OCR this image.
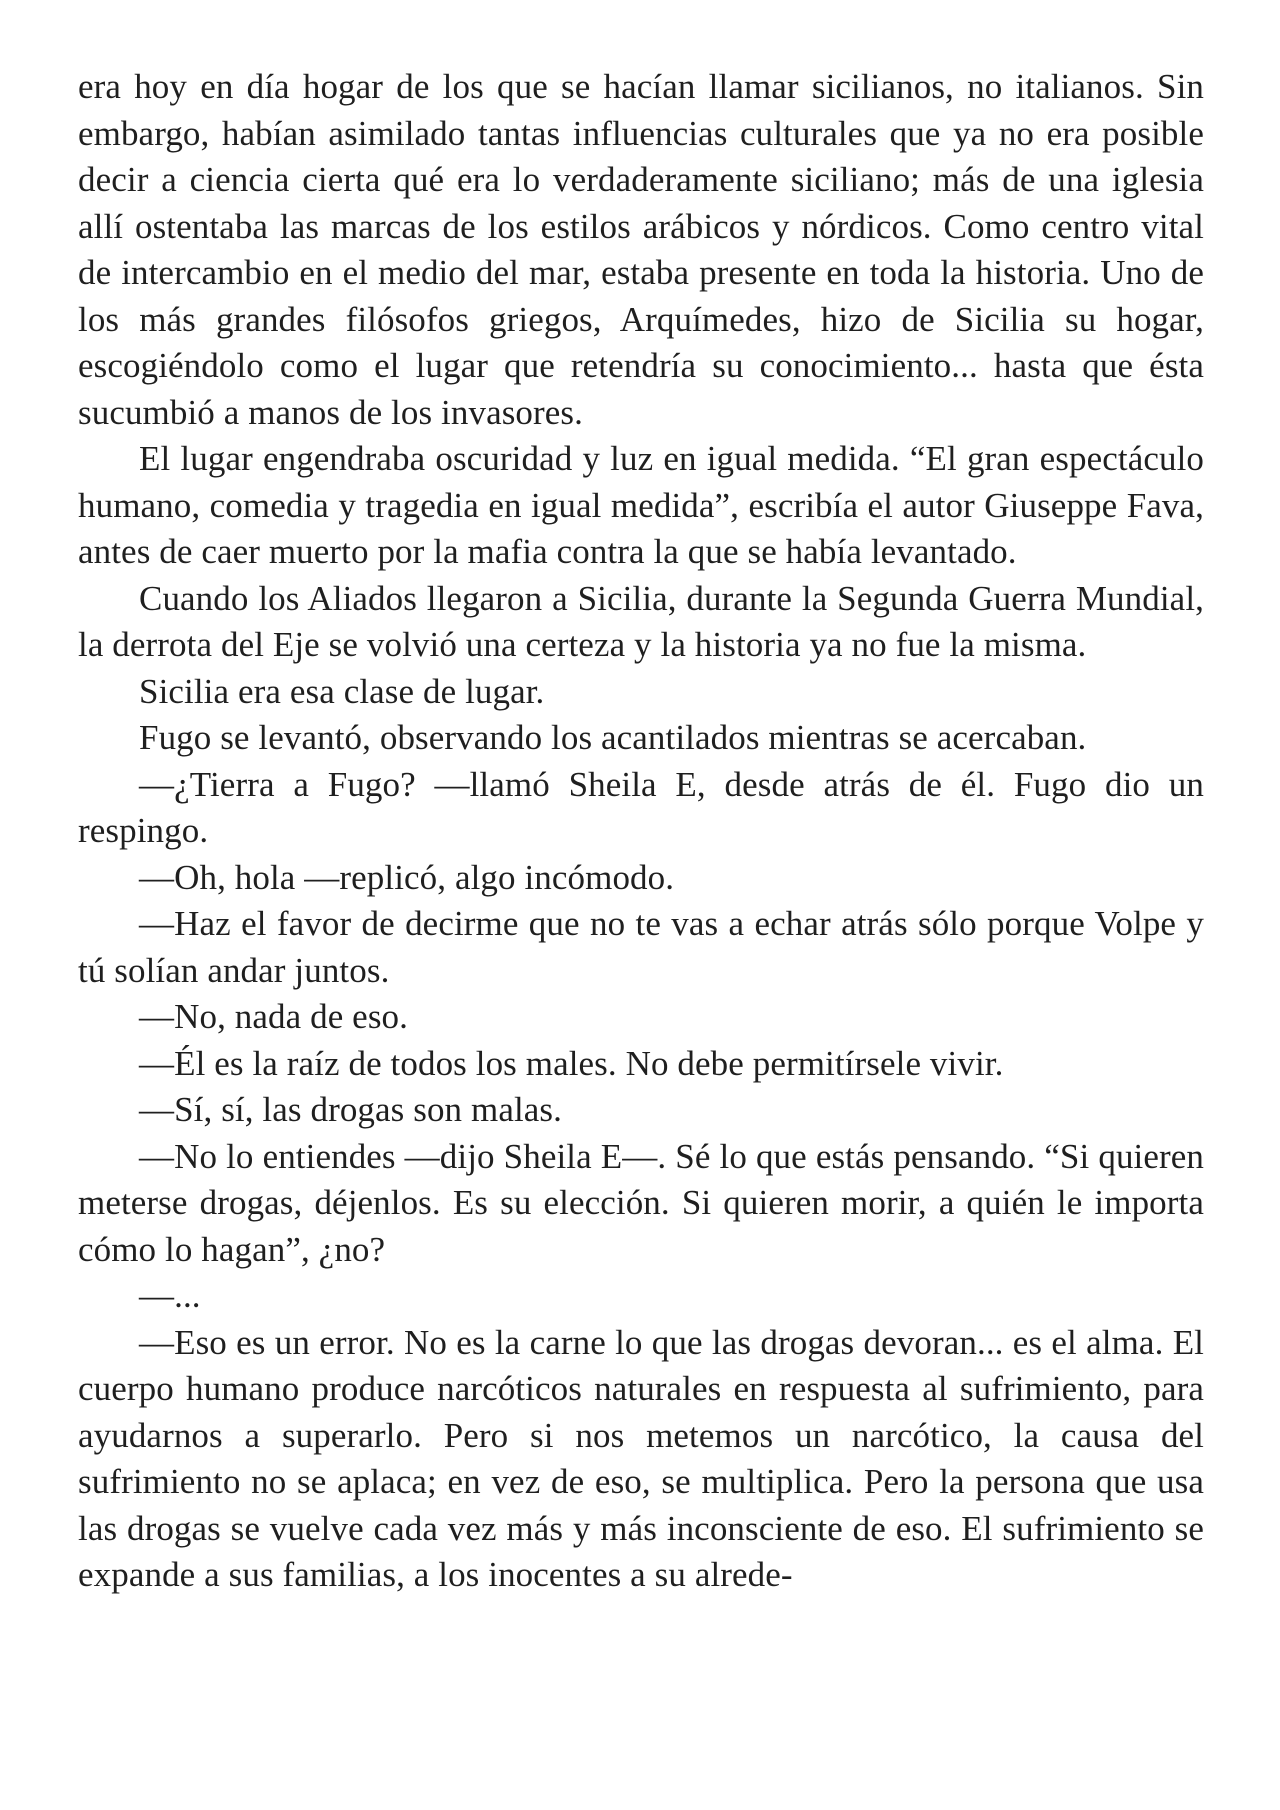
era hoy en día hogar de los que se hacían llamar sicilianos, no italianos. Sin embargo, habían asimilado tantas influencias culturales que ya no era posible decir a ciencia cierta qué era lo verdaderamente siciliano; más de una iglesia allí ostentaba las marcas de los estilos arábicos y nórdicos. Como centro vital de intercambio en el medio del mar, estaba presente en toda la historia. Uno de los más grandes filósofos griegos, Arquímedes, hizo de Sicilia su hogar, escogiéndolo como el lugar que retendría su conocimiento... hasta que ésta sucumbió a manos de los invasores.

El lugar engendraba oscuridad y luz en igual medida. “El gran espectáculo humano, comedia y tragedia en igual medida”, escribía el autor Giuseppe Fava, antes de caer muerto por la mafia contra la que se había levantado.

Cuando los Aliados llegaron a Sicilia, durante la Segunda Guerra Mundial, la derrota del Eje se volvió una certeza y la historia ya no fue la misma.

Sicilia era esa clase de lugar.

Fugo se levantó, observando los acantilados mientras se acercaban.

—¿Tierra a Fugo? —llamó Sheila E, desde atrás de él. Fugo dio un respingo.

—Oh, hola —replicó, algo incómodo.

—Haz el favor de decirme que no te vas a echar atrás sólo porque Volpe y tú solían andar juntos.

—No, nada de eso.

—Él es la raíz de todos los males. No debe permitírsele vivir.

—Sí, sí, las drogas son malas.

—No lo entiendes —dijo Sheila E—. Sé lo que estás pensando. “Si quieren meterse drogas, déjenlos. Es su elección. Si quieren morir, a quién le importa cómo lo hagan”, ¿no?

—...

—Eso es un error. No es la carne lo que las drogas devoran... es el alma. El cuerpo humano produce narcóticos naturales en respuesta al sufrimiento, para ayudarnos a superarlo. Pero si nos metemos un narcótico, la causa del sufrimiento no se aplaca; en vez de eso, se multiplica. Pero la persona que usa las drogas se vuelve cada vez más y más inconsciente de eso. El sufrimiento se expande a sus familias, a los inocentes a su alrede-
